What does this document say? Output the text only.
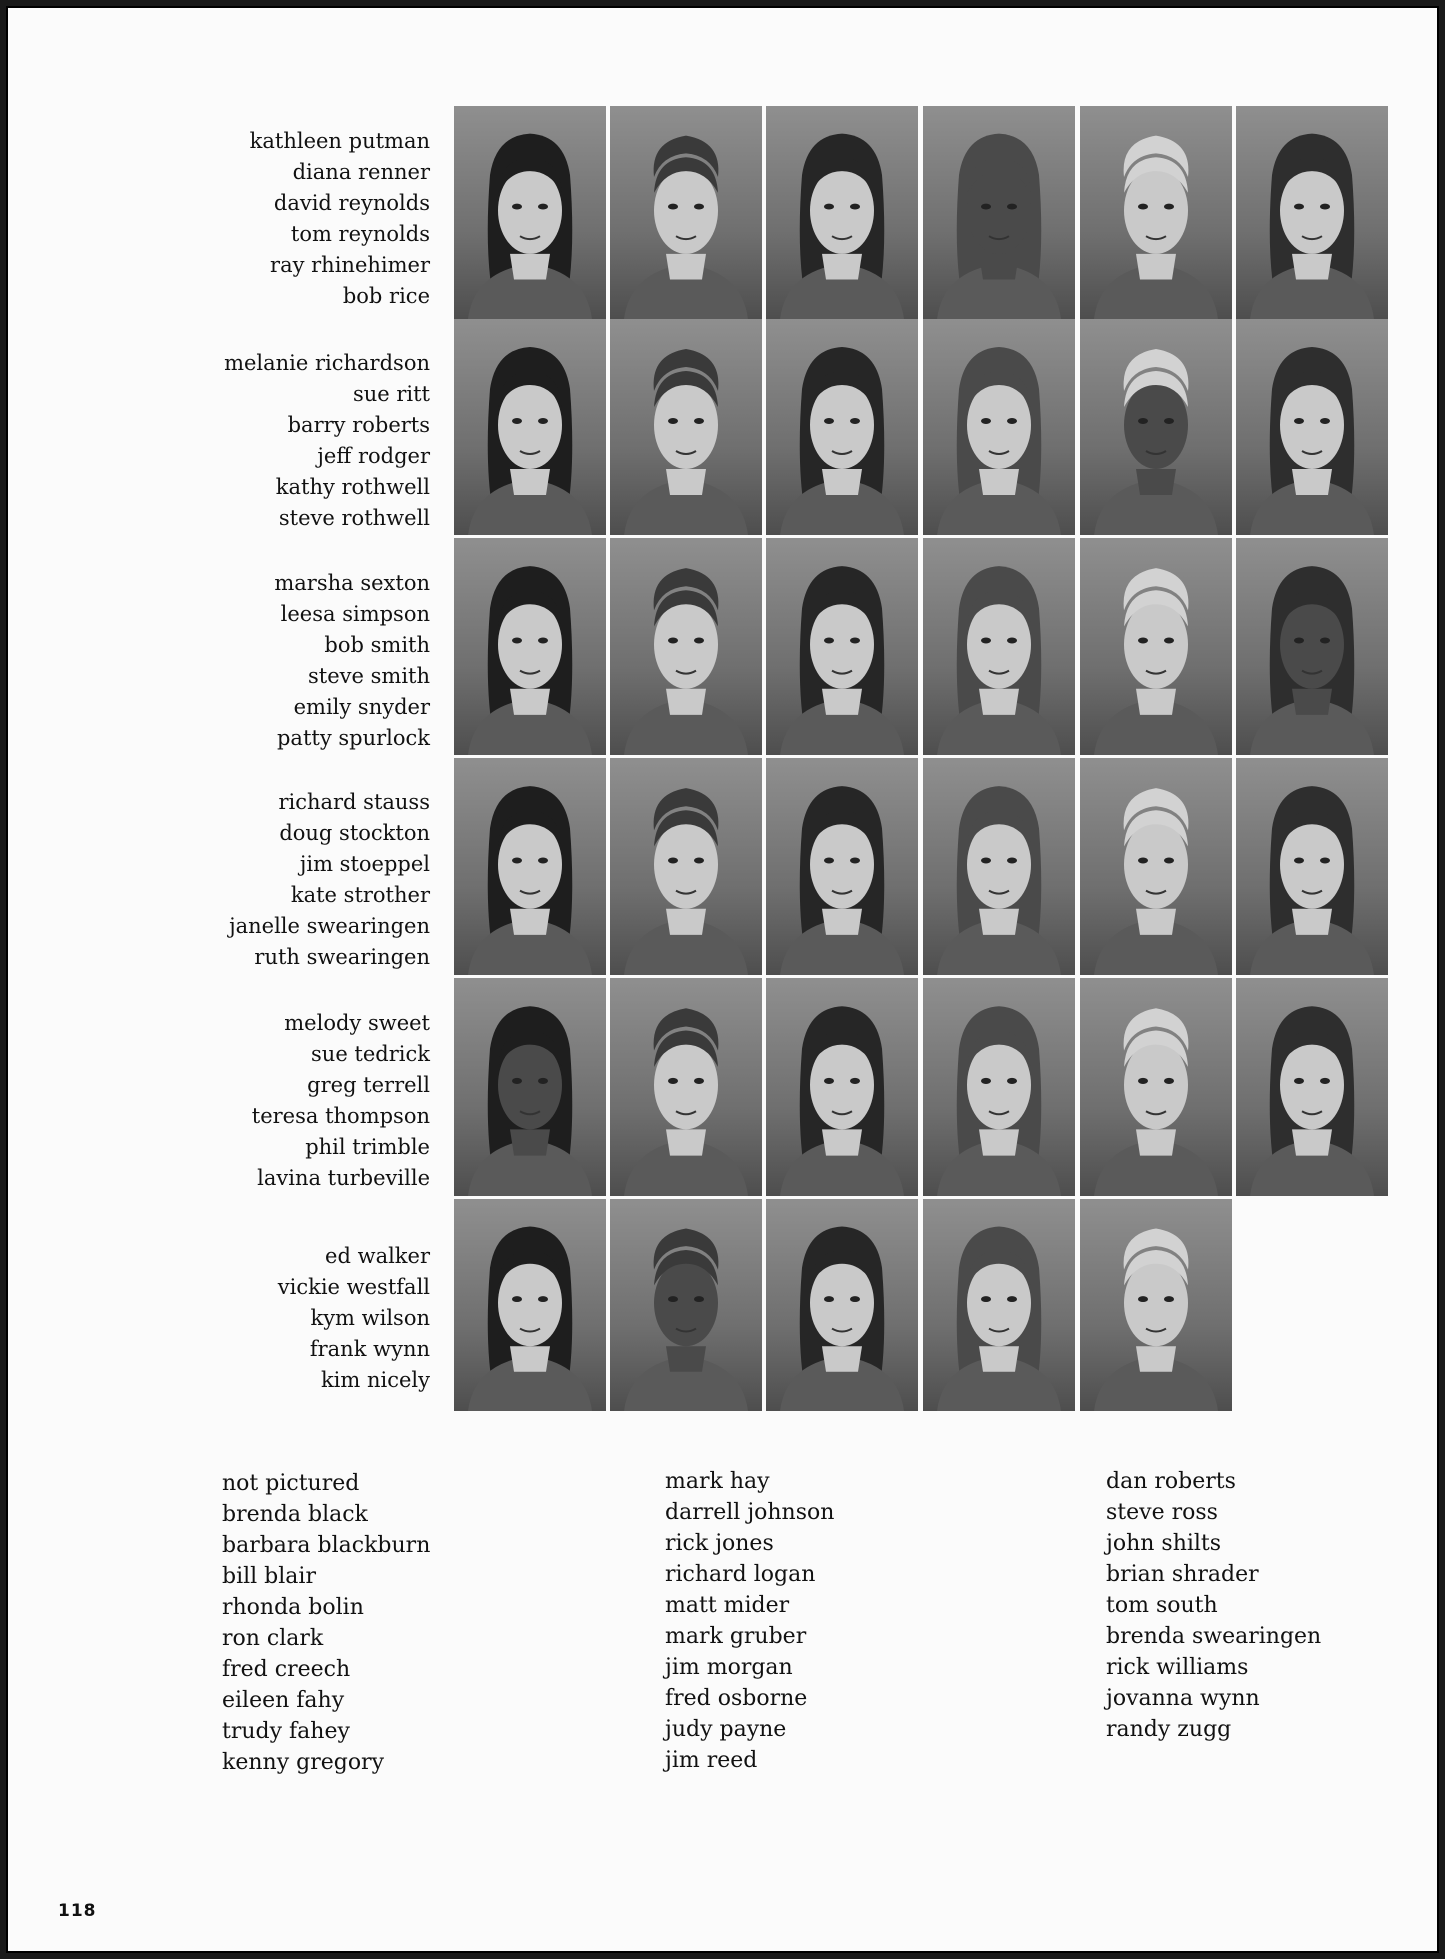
kathleen putman
diana renner
david reynolds
tom reynolds
ray rhinehimer
bob rice
melanie richardson
sue ritt
barry roberts
jeff rodger
kathy rothwell
steve rothwell
marsha sexton
leesa simpson
bob smith
steve smith
emily snyder
patty spurlock
richard stauss
doug stockton
jim stoeppel
kate strother
janelle swearingen
ruth swearingen
melody sweet
sue tedrick
greg terrell
teresa thompson
phil trimble
lavina turbeville
ed walker
vickie westfall
kym wilson
frank wynn
kim nicely
not pictured
brenda black
barbara blackburn
bill blair
rhonda bolin
ron clark
fred creech
eileen fahy
trudy fahey
kenny gregory
mark hay
darrell johnson
rick jones
richard logan
matt mider
mark gruber
jim morgan
fred osborne
judy payne
jim reed
dan roberts
steve ross
john shilts
brian shrader
tom south
brenda swearingen
rick williams
jovanna wynn
randy zugg
118
